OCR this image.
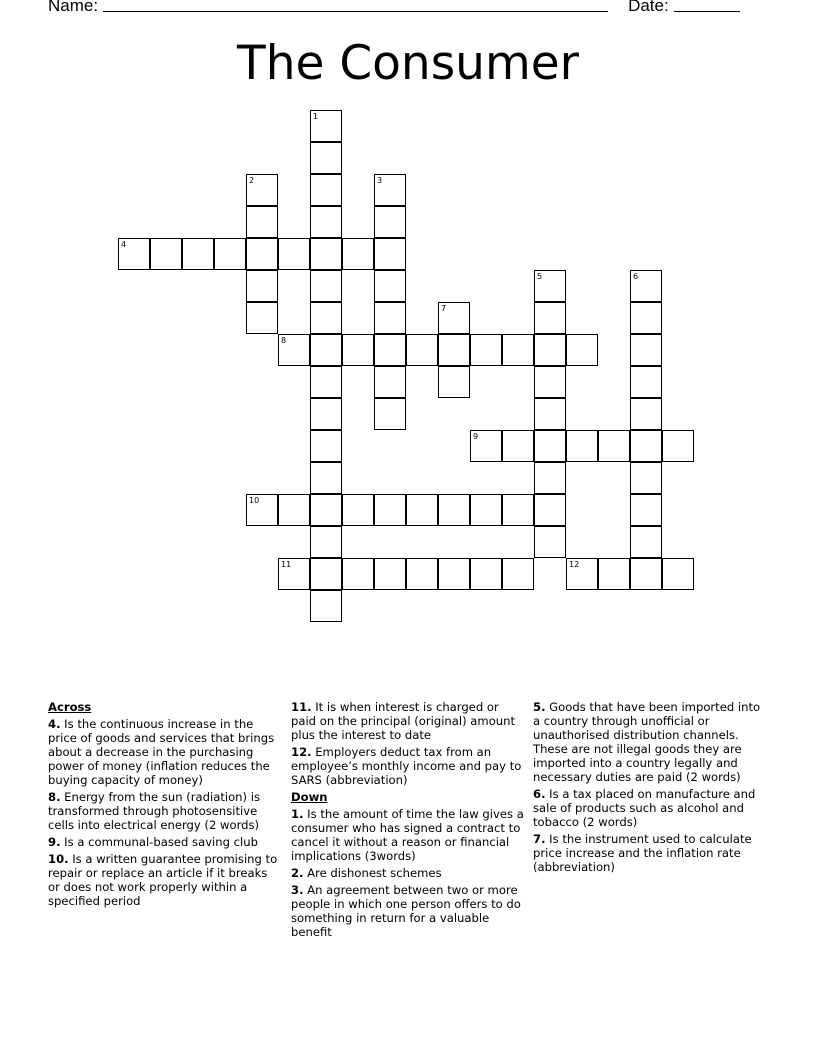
Name:	Date:
The Consumer
1
2	3
4
5	6
7
8
9
10
11	12
Across
4. Is the continuous increase in the price of goods and services that brings about a decrease in the purchasing power of money (inflation reduces the buying capacity of money)
8. Energy from the sun (radiation) is transformed through photosensitive cells into electrical energy (2 words)
9. Is a communal-based saving club
10. Is a written guarantee promising to repair or replace an article if it breaks or does not work properly within a specified period
11. It is when interest is charged or paid on the principal (original) amount plus the interest to date
12. Employers deduct tax from an employee’s monthly income and pay to SARS (abbreviation)
Down
1. Is the amount of time the law gives a consumer who has signed a contract to cancel it without a reason or financial implications (3words)
2. Are dishonest schemes
3. An agreement between two or more people in which one person offers to do something in return for a valuable benefit
5. Goods that have been imported into a country through unofficial or unauthorised distribution channels. These are not illegal goods they are imported into a country legally and necessary duties are paid (2 words)
6. Is a tax placed on manufacture and sale of products such as alcohol and tobacco (2 words)
7. Is the instrument used to calculate price increase and the inflation rate (abbreviation)
